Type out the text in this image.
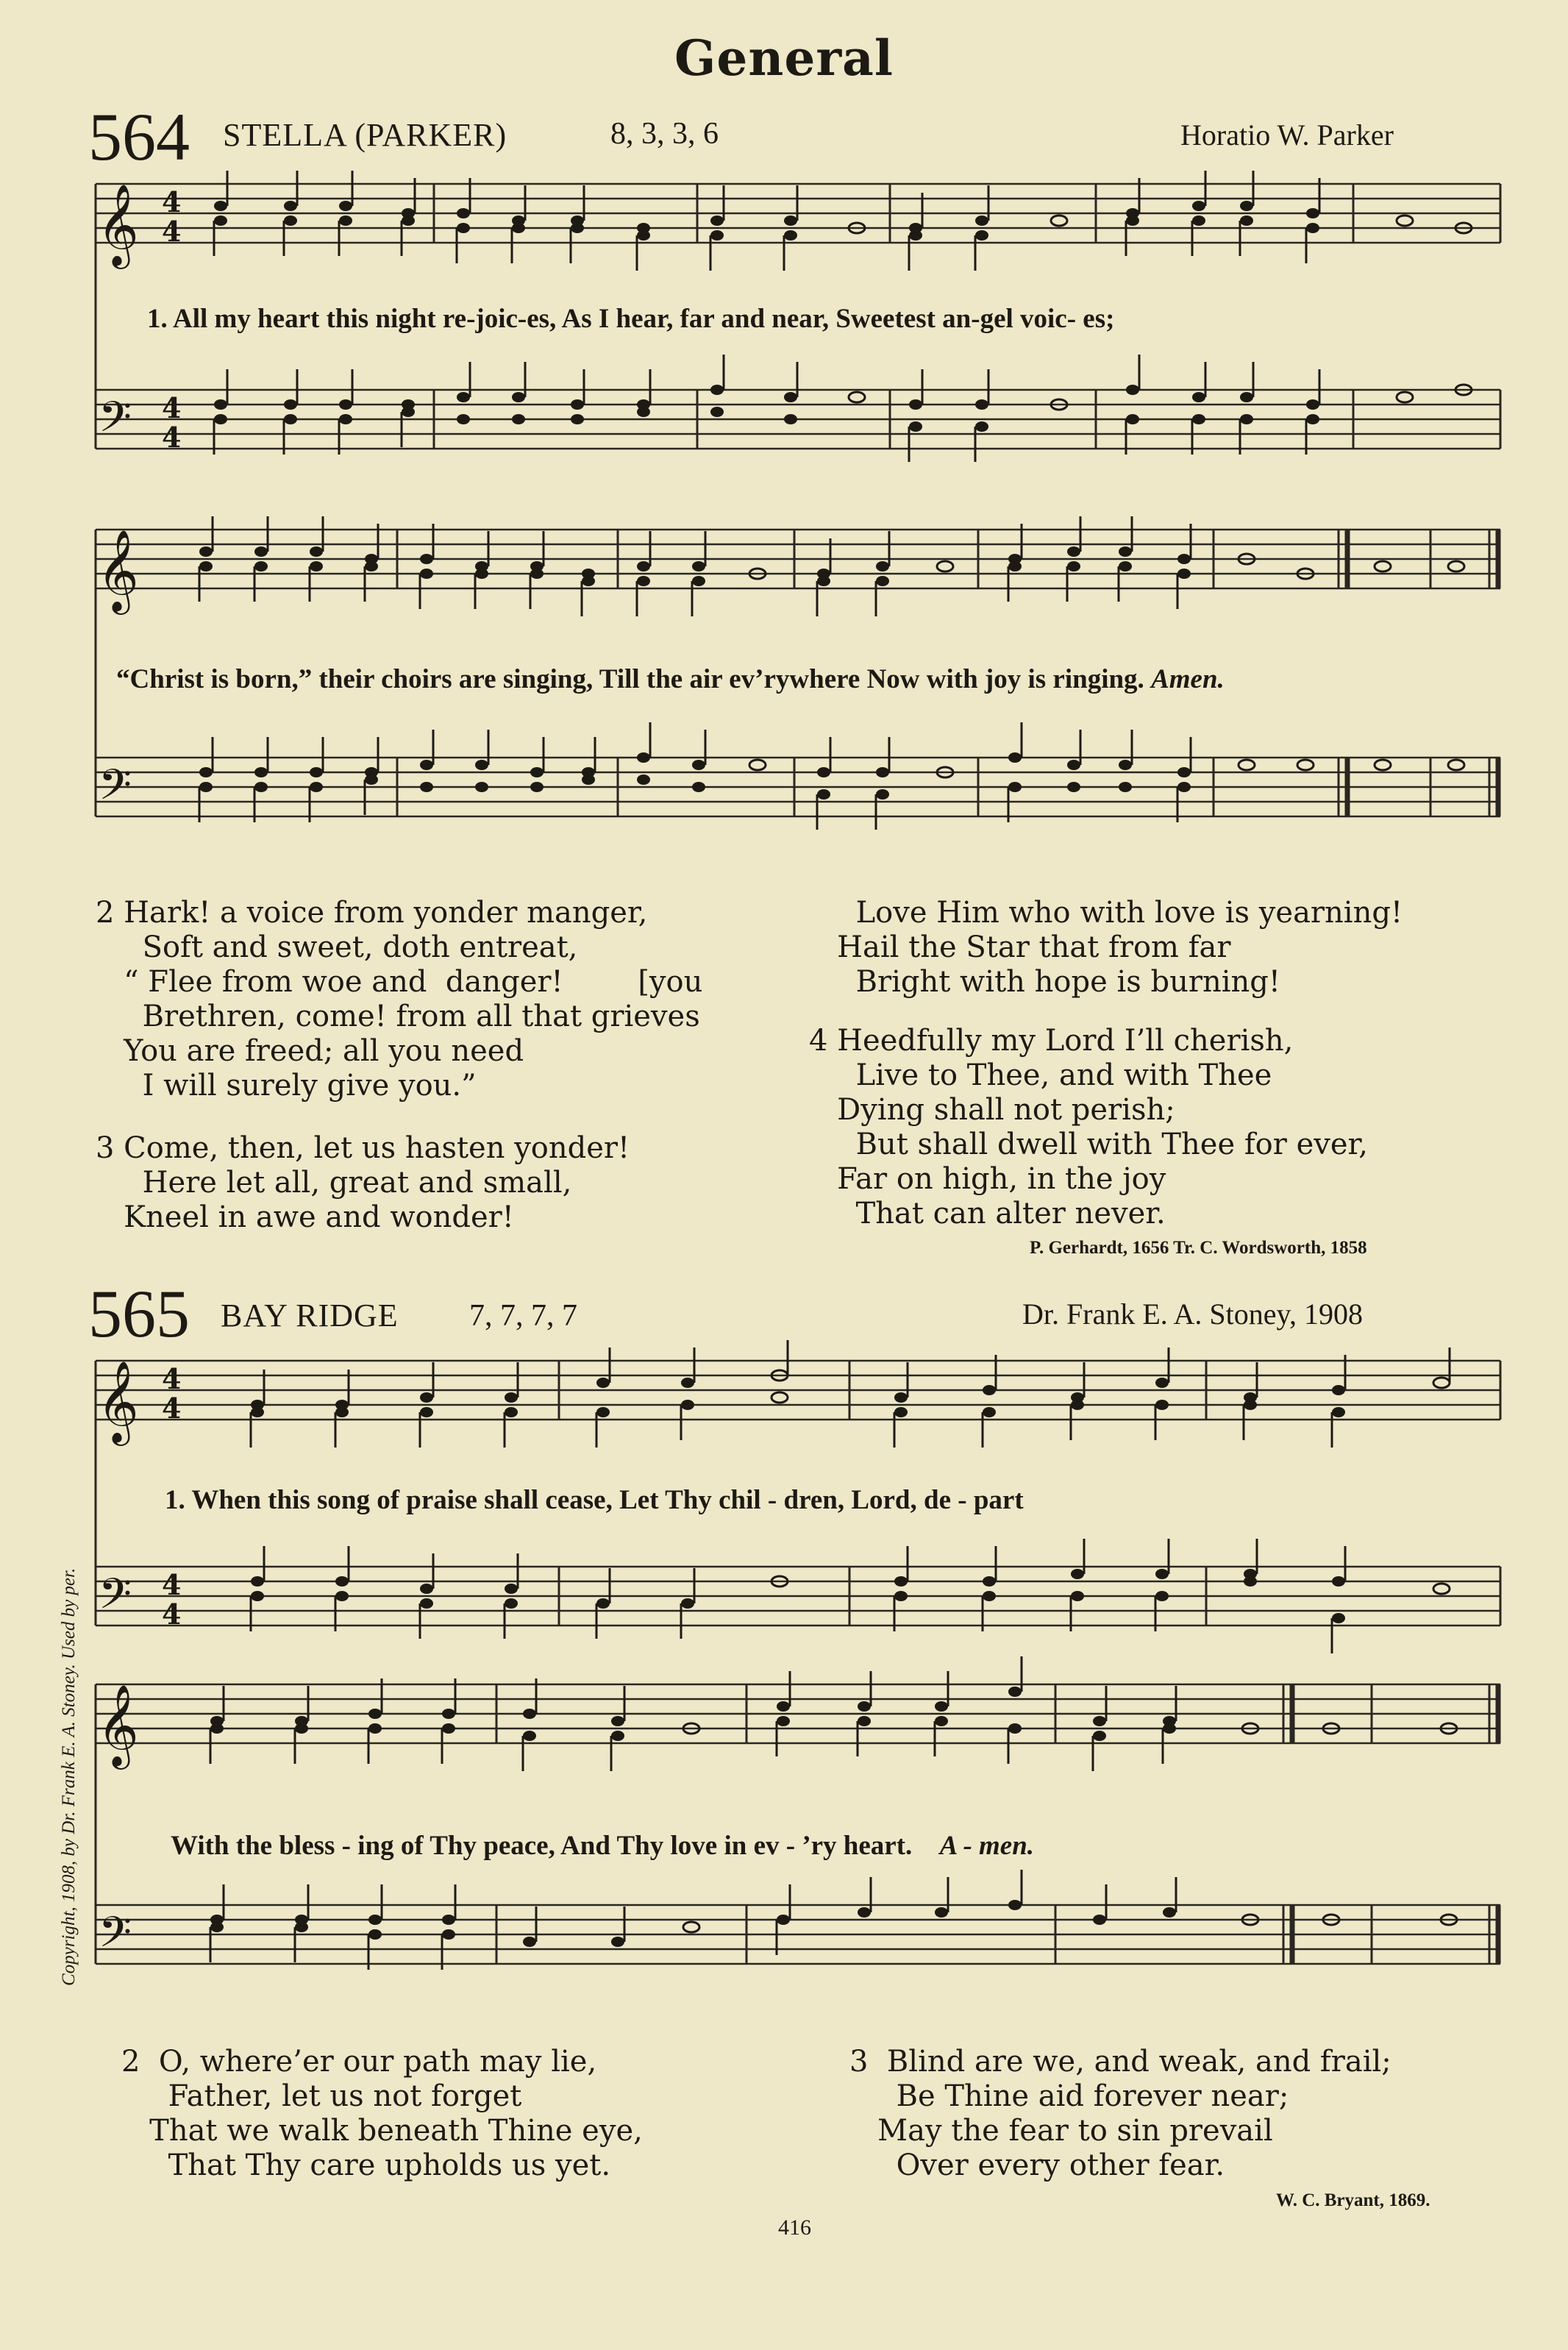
General
564 STELLA (PARKER)	8, 3, 3, 6	Horatio W. Parker
𝄞
𝄢
4
4
4
4
1. All my heart this night re-joic-es, As I hear, far and near, Sweetest an-gel voic- es;
𝄞
𝄢
“Christ is born,” their choirs are singing, Till the air ev’rywhere Now with joy is ringing. Amen.
2 Hark! a voice from yonder manger,
Soft and sweet, doth entreat,
“ Flee from woe and  danger!        [you
Brethren, come! from all that grieves
You are freed; all you need
I will surely give you.”
3 Come, then, let us hasten yonder!
Here let all, great and small,
Kneel in awe and wonder!
Love Him who with love is yearning!
Hail the Star that from far
Bright with hope is burning!
4 Heedfully my Lord I’ll cherish,
Live to Thee, and with Thee
Dying shall not perish;
But shall dwell with Thee for ever,
Far on high, in the joy
That can alter never.
P. Gerhardt, 1656 Tr. C. Wordsworth, 1858
565 BAY RIDGE 7, 7, 7, 7	Dr. Frank E. A. Stoney, 1908
Copyright, 1908, by Dr. Frank E. A. Stoney. Used by per.
𝄞
𝄢
4
4
4
4
1. When this song of praise shall cease, Let Thy chil - dren, Lord, de - part
𝄞
𝄢
With the bless - ing of Thy peace, And Thy love in ev - ’ry heart. A - men.
2  O, where’er our path may lie,
Father, let us not forget
That we walk beneath Thine eye,
That Thy care upholds us yet.
3  Blind are we, and weak, and frail;
Be Thine aid forever near;
May the fear to sin prevail
Over every other fear.
W. C. Bryant, 1869.
416
